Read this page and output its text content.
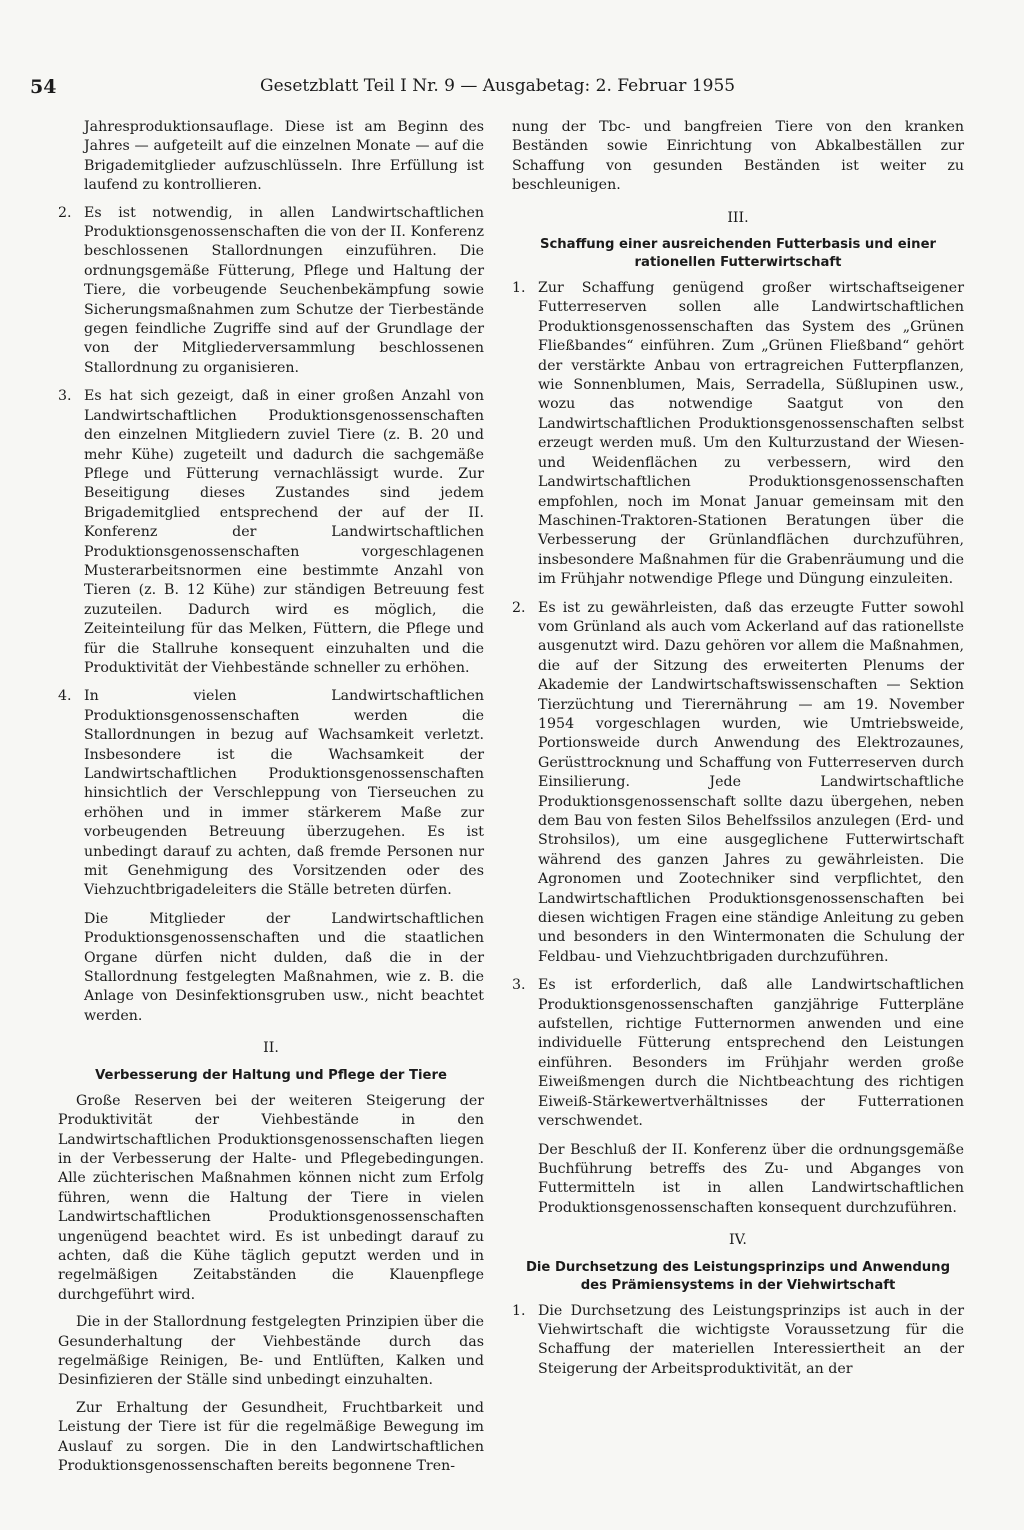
54	Gesetzblatt Teil I Nr. 9 — Ausgabetag: 2. Februar 1955

Jahresproduktionsauflage. Diese ist am Beginn des Jahres — aufgeteilt auf die einzelnen Monate — auf die Brigademitglieder aufzuschlüsseln. Ihre Erfüllung ist laufend zu kontrollieren.

2. Es ist notwendig, in allen Landwirtschaftlichen Produktionsgenossenschaften die von der II. Konferenz beschlossenen Stallordnungen einzuführen. Die ordnungsgemäße Fütterung, Pflege und Haltung der Tiere, die vorbeugende Seuchenbekämpfung sowie Sicherungsmaßnahmen zum Schutze der Tierbestände gegen feindliche Zugriffe sind auf der Grundlage der von der Mitgliederversammlung beschlossenen Stallordnung zu organisieren.
3. Es hat sich gezeigt, daß in einer großen Anzahl von Landwirtschaftlichen Produktionsgenossenschaften den einzelnen Mitgliedern zuviel Tiere (z. B. 20 und mehr Kühe) zugeteilt und dadurch die sachgemäße Pflege und Fütterung vernachlässigt wurde. Zur Beseitigung dieses Zustandes sind jedem Brigademitglied entsprechend der auf der II. Konferenz der Landwirtschaftlichen Produktionsgenossenschaften vorgeschlagenen Musterarbeitsnormen eine bestimmte Anzahl von Tieren (z. B. 12 Kühe) zur ständigen Betreuung fest zuzuteilen. Dadurch wird es möglich, die Zeiteinteilung für das Melken, Füttern, die Pflege und für die Stallruhe konsequent einzuhalten und die Produktivität der Viehbestände schneller zu erhöhen.
4. In vielen Landwirtschaftlichen Produktionsgenossenschaften werden die Stallordnungen in bezug auf Wachsamkeit verletzt. Insbesondere ist die Wachsamkeit der Landwirtschaftlichen Produktionsgenossenschaften hinsichtlich der Verschleppung von Tierseuchen zu erhöhen und in immer stärkerem Maße zur vorbeugenden Betreuung überzugehen. Es ist unbedingt darauf zu achten, daß fremde Personen nur mit Genehmigung des Vorsitzenden oder des Viehzuchtbrigadeleiters die Ställe betreten dürfen.

Die Mitglieder der Landwirtschaftlichen Produktionsgenossenschaften und die staatlichen Organe dürfen nicht dulden, daß die in der Stallordnung festgelegten Maßnahmen, wie z. B. die Anlage von Desinfektionsgruben usw., nicht beachtet werden.

II.
Verbesserung der Haltung und Pflege der Tiere

Große Reserven bei der weiteren Steigerung der Produktivität der Viehbestände in den Landwirtschaftlichen Produktionsgenossenschaften liegen in der Verbesserung der Halte- und Pflegebedingungen. Alle züchterischen Maßnahmen können nicht zum Erfolg führen, wenn die Haltung der Tiere in vielen Landwirtschaftlichen Produktionsgenossenschaften ungenügend beachtet wird. Es ist unbedingt darauf zu achten, daß die Kühe täglich geputzt werden und in regelmäßigen Zeitabständen die Klauenpflege durchgeführt wird.

Die in der Stallordnung festgelegten Prinzipien über die Gesunderhaltung der Viehbestände durch das regelmäßige Reinigen, Be- und Entlüften, Kalken und Desinfizieren der Ställe sind unbedingt einzuhalten.

Zur Erhaltung der Gesundheit, Fruchtbarkeit und Leistung der Tiere ist für die regelmäßige Bewegung im Auslauf zu sorgen. Die in den Landwirtschaftlichen Produktionsgenossenschaften bereits begonnene Tren-

nung der Tbc- und bangfreien Tiere von den kranken Beständen sowie Einrichtung von Abkalbeställen zur Schaffung von gesunden Beständen ist weiter zu beschleunigen.

III.
Schaffung einer ausreichenden Futterbasis und einer rationellen Futterwirtschaft
1. Zur Schaffung genügend großer wirtschaftseigener Futterreserven sollen alle Landwirtschaftlichen Produktionsgenossenschaften das System des „Grünen Fließbandes“ einführen. Zum „Grünen Fließband“ gehört der verstärkte Anbau von ertragreichen Futterpflanzen, wie Sonnenblumen, Mais, Serradella, Süßlupinen usw., wozu das notwendige Saatgut von den Landwirtschaftlichen Produktionsgenossenschaften selbst erzeugt werden muß. Um den Kulturzustand der Wiesen- und Weidenflächen zu verbessern, wird den Landwirtschaftlichen Produktionsgenossenschaften empfohlen, noch im Monat Januar gemeinsam mit den Maschinen-Traktoren-Stationen Beratungen über die Verbesserung der Grünlandflächen durchzuführen, insbesondere Maßnahmen für die Grabenräumung und die im Frühjahr notwendige Pflege und Düngung einzuleiten.
2. Es ist zu gewährleisten, daß das erzeugte Futter sowohl vom Grünland als auch vom Ackerland auf das rationellste ausgenutzt wird. Dazu gehören vor allem die Maßnahmen, die auf der Sitzung des erweiterten Plenums der Akademie der Landwirtschaftswissenschaften — Sektion Tierzüchtung und Tierernährung — am 19. November 1954 vorgeschlagen wurden, wie Umtriebsweide, Portionsweide durch Anwendung des Elektrozaunes, Gerüsttrocknung und Schaffung von Futterreserven durch Einsilierung. Jede Landwirtschaftliche Produktionsgenossenschaft sollte dazu übergehen, neben dem Bau von festen Silos Behelfssilos anzulegen (Erd- und Strohsilos), um eine ausgeglichene Futterwirtschaft während des ganzen Jahres zu gewährleisten. Die Agronomen und Zootechniker sind verpflichtet, den Landwirtschaftlichen Produktionsgenossenschaften bei diesen wichtigen Fragen eine ständige Anleitung zu geben und besonders in den Wintermonaten die Schulung der Feldbau- und Viehzuchtbrigaden durchzuführen.
3. Es ist erforderlich, daß alle Landwirtschaftlichen Produktionsgenossenschaften ganzjährige Futterpläne aufstellen, richtige Futternormen anwenden und eine individuelle Fütterung entsprechend den Leistungen einführen. Besonders im Frühjahr werden große Eiweißmengen durch die Nichtbeachtung des richtigen Eiweiß-Stärkewertverhältnisses der Futterrationen verschwendet.

Der Beschluß der II. Konferenz über die ordnungsgemäße Buchführung betreffs des Zu- und Abganges von Futtermitteln ist in allen Landwirtschaftlichen Produktionsgenossenschaften konsequent durchzuführen.

IV.
Die Durchsetzung des Leistungsprinzips und Anwendung des Prämiensystems in der Viehwirtschaft
1. Die Durchsetzung des Leistungsprinzips ist auch in der Viehwirtschaft die wichtigste Voraussetzung für die Schaffung der materiellen Interessiertheit an der Steigerung der Arbeitsproduktivität, an der
